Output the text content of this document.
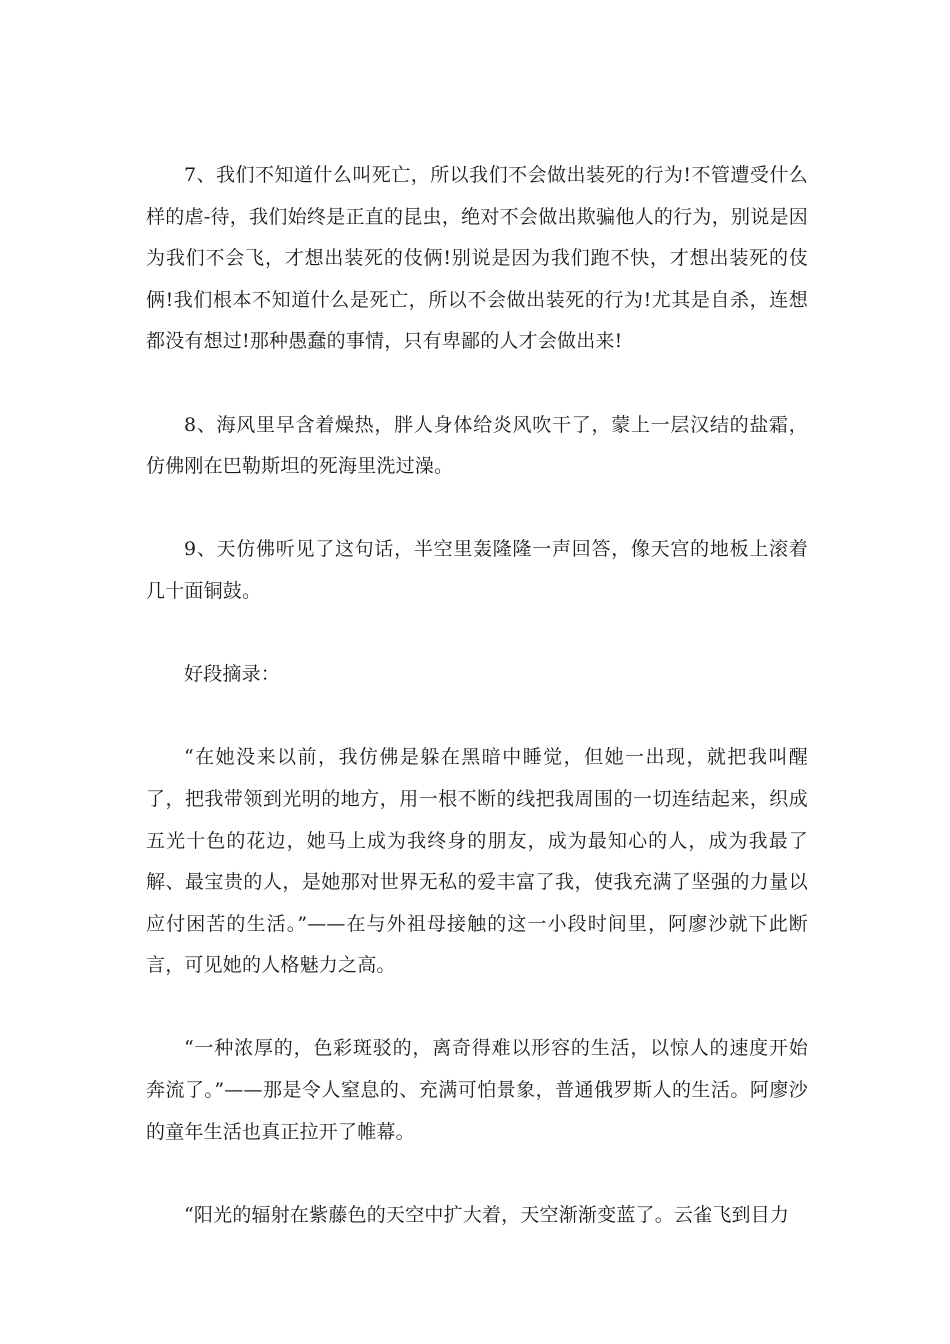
7、我们不知道什么叫死亡，所以我们不会做出装死的行为!不管遭受什么样的虐-待，我们始终是正直的昆虫，绝对不会做出欺骗他人的行为，别说是因为我们不会飞，才想出装死的伎俩!别说是因为我们跑不快，才想出装死的伎俩!我们根本不知道什么是死亡，所以不会做出装死的行为!尤其是自杀，连想都没有想过!那种愚蠢的事情，只有卑鄙的人才会做出来!

8、海风里早含着燥热，胖人身体给炎风吹干了，蒙上一层汉结的盐霜，仿佛刚在巴勒斯坦的死海里洗过澡。

9、天仿佛听见了这句话，半空里轰隆隆一声回答，像天宫的地板上滚着几十面铜鼓。

好段摘录：

“在她没来以前，我仿佛是躲在黑暗中睡觉，但她一出现，就把我叫醒了，把我带领到光明的地方，用一根不断的线把我周围的一切连结起来，织成五光十色的花边，她马上成为我终身的朋友，成为最知心的人，成为我最了解、最宝贵的人，是她那对世界无私的爱丰富了我，使我充满了坚强的力量以应付困苦的生活。”——在与外祖母接触的这一小段时间里，阿廖沙就下此断言，可见她的人格魅力之高。

“一种浓厚的，色彩斑驳的，离奇得难以形容的生活，以惊人的速度开始奔流了。”——那是令人窒息的、充满可怕景象，普通俄罗斯人的生活。阿廖沙的童年生活也真正拉开了帷幕。

“阳光的辐射在紫藤色的天空中扩大着，天空渐渐变蓝了。云雀飞到目力
